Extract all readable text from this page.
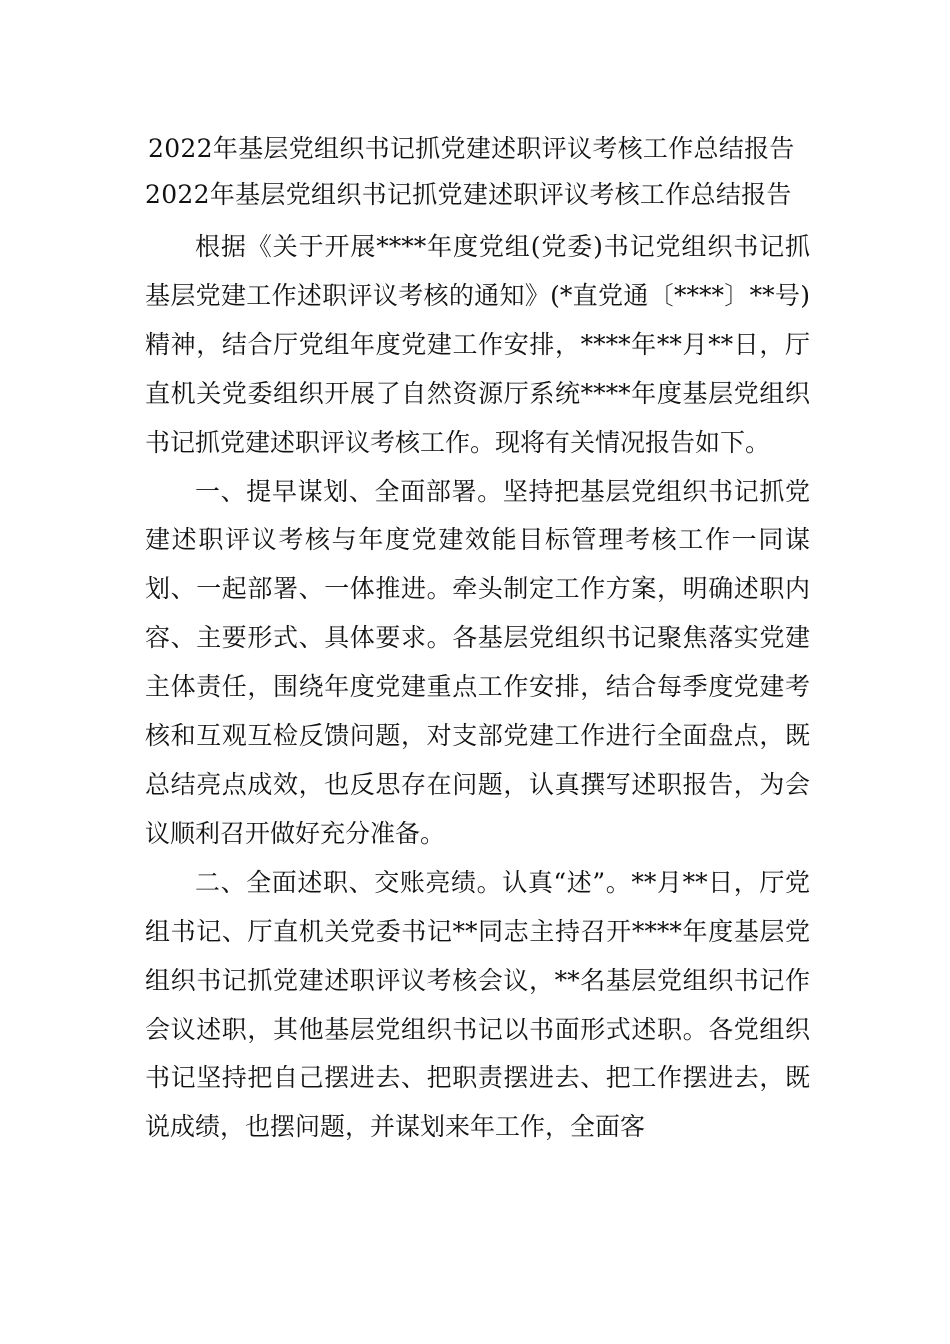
2022年基层党组织书记抓党建述职评议考核工作总结报告
2022年基层党组织书记抓党建述职评议考核工作总结报告

根据《关于开展****年度党组(党委)书记党组织书记抓基层党建工作述职评议考核的通知》(*直党通〔****〕**号)精神，结合厅党组年度党建工作安排，****年**月**日，厅直机关党委组织开展了自然资源厅系统****年度基层党组织书记抓党建述职评议考核工作。现将有关情况报告如下。

一、提早谋划、全面部署。坚持把基层党组织书记抓党建述职评议考核与年度党建效能目标管理考核工作一同谋划、一起部署、一体推进。牵头制定工作方案，明确述职内容、主要形式、具体要求。各基层党组织书记聚焦落实党建主体责任，围绕年度党建重点工作安排，结合每季度党建考核和互观互检反馈问题，对支部党建工作进行全面盘点，既总结亮点成效，也反思存在问题，认真撰写述职报告，为会议顺利召开做好充分准备。

二、全面述职、交账亮绩。认真“述”。**月**日，厅党组书记、厅直机关党委书记**同志主持召开****年度基层党组织书记抓党建述职评议考核会议，**名基层党组织书记作会议述职，其他基层党组织书记以书面形式述职。各党组织书记坚持把自己摆进去、把职责摆进去、把工作摆进去，既说成绩，也摆问题，并谋划来年工作，全面客
